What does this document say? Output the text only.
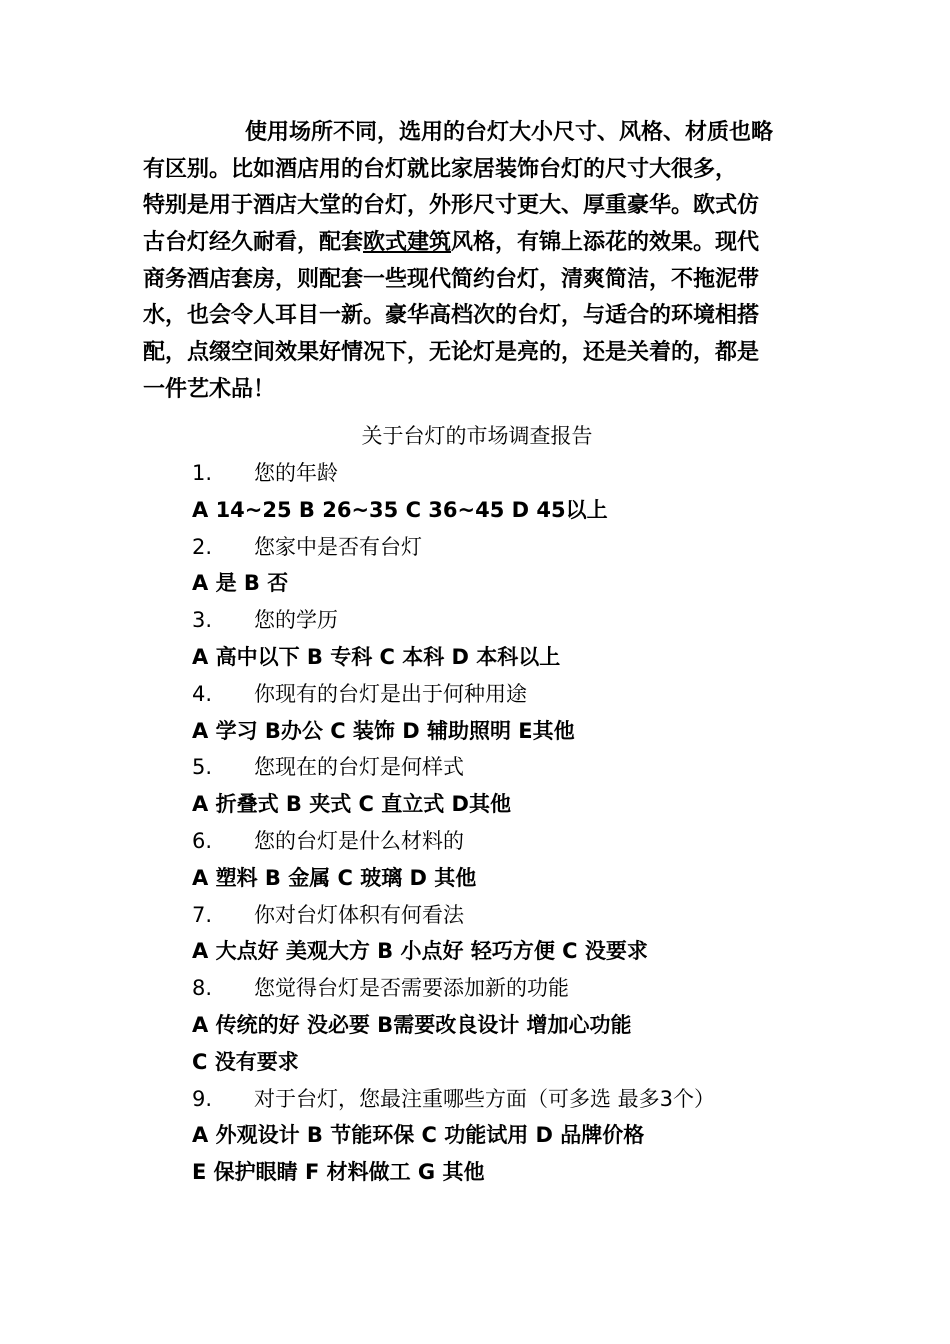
使用场所不同，选用的台灯大小尺寸、风格、材质也略
有区别。比如酒店用的台灯就比家居装饰台灯的尺寸大很多，
特别是用于酒店大堂的台灯，外形尺寸更大、厚重豪华。欧式仿
古台灯经久耐看，配套欧式建筑风格，有锦上添花的效果。现代
商务酒店套房，则配套一些现代简约台灯，清爽简洁，不拖泥带
水，也会令人耳目一新。豪华高档次的台灯，与适合的环境相搭
配，点缀空间效果好情况下，无论灯是亮的，还是关着的，都是
一件艺术品！

关于台灯的市场调查报告
1. 您的年龄
A 14~25 B 26~35 C 36~45 D 45以上
2. 您家中是否有台灯
A 是 B 否
3. 您的学历
A 高中以下 B 专科 C 本科 D 本科以上
4. 你现有的台灯是出于何种用途
A 学习 B办公 C 装饰 D 辅助照明 E其他
5. 您现在的台灯是何样式
A 折叠式 B 夹式 C 直立式 D其他
6. 您的台灯是什么材料的
A 塑料 B 金属 C 玻璃 D 其他
7. 你对台灯体积有何看法
A 大点好 美观大方 B 小点好 轻巧方便 C 没要求
8. 您觉得台灯是否需要添加新的功能
A 传统的好 没必要 B需要改良设计 增加心功能
C 没有要求
9. 对于台灯，您最注重哪些方面（可多选 最多3个）
A 外观设计 B 节能环保 C 功能试用 D 品牌价格
E 保护眼睛 F 材料做工 G 其他
